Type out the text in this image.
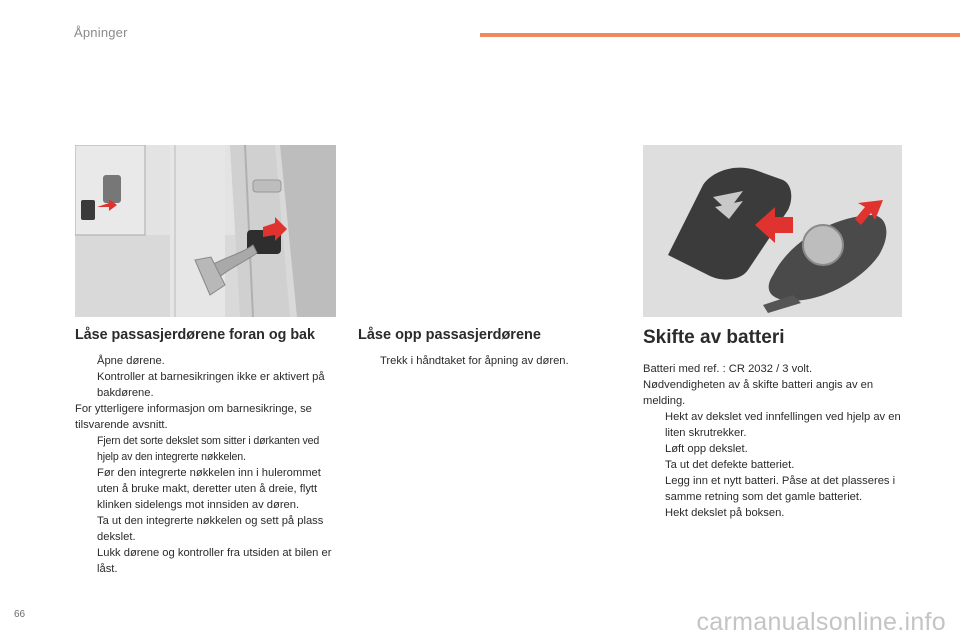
Åpninger
Låse passasjerdørene foran og bak
Åpne dørene.
Kontroller at barnesikringen ikke er aktivert på bakdørene.

For ytterligere informasjon om barnesikringe, se tilsvarende avsnitt.

Fjern det sorte dekslet som sitter i dørkanten ved hjelp av den integrerte nøkkelen.
Før den integrerte nøkkelen inn i hulerommet uten å bruke makt, deretter uten å dreie, flytt klinken sidelengs mot innsiden av døren.
Ta ut den integrerte nøkkelen og sett på plass dekslet.
Lukk dørene og kontroller fra utsiden at bilen er låst.
Låse opp passasjerdørene
Trekk i håndtaket for åpning av døren.
Skifte av batteri

Batteri med ref. : CR 2032 / 3 volt.

Nødvendigheten av å skifte batteri angis av en melding.

Hekt av dekslet ved innfellingen ved hjelp av en liten skrutrekker.
Løft opp dekslet.
Ta ut det defekte batteriet.
Legg inn et nytt batteri. Påse at det plasseres i samme retning som det gamle batteriet.
Hekt dekslet på boksen.
66	carmanualsonline.info
